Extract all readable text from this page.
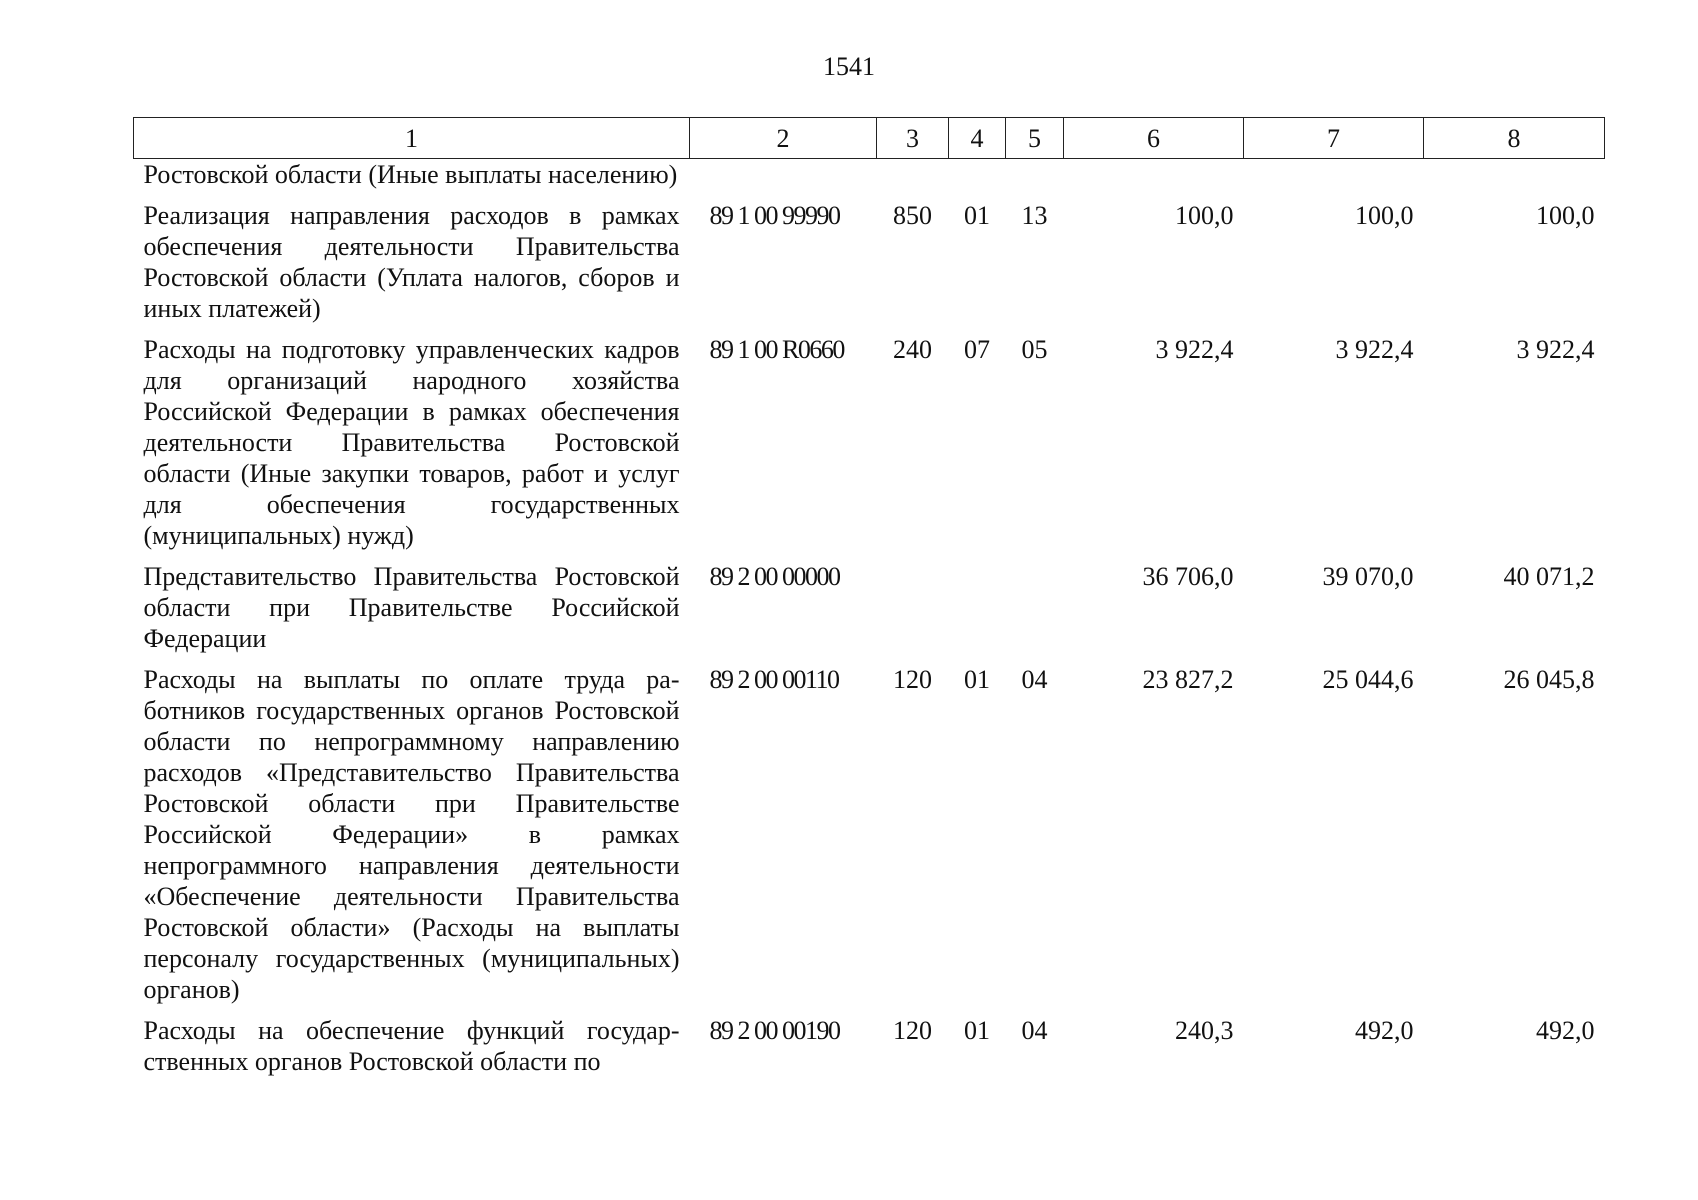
1541
1	2	3	4	5	6	7	8
Ростовской области (Иные выплаты населению)							
Реализация направления расходов в рамках обеспечения деятельности Правительства Ростовской области (Уплата налогов, сборов и иных платежей)	89 1 00 99990	850	01	13	100,0	100,0	100,0
Расходы на подготовку управленческих кадров для организаций народного хозяйства Российской Федерации в рамках обеспечения деятельности Правительства Ростовской области (Иные закупки товаров, работ и услуг для обеспечения государственных (муниципальных) нужд)	89 1 00 R0660	240	07	05	3 922,4	3 922,4	3 922,4
Представительство Правительства Ростовской области при Правительстве Российской Федерации	89 2 00 00000				36 706,0	39 070,0	40 071,2
Расходы на выплаты по оплате труда работников государственных органов Ростовской области по непрограммному направлению расходов «Представительство Правительства Ростовской области при Правительстве Российской Федерации» в рамках непрограммного направления деятельности «Обеспечение деятельности Правительства Ростовской области» (Расходы на выплаты персоналу государственных (муниципальных) органов)	89 2 00 00110	120	01	04	23 827,2	25 044,6	26 045,8
Расходы на обеспечение функций государственных органов Ростовской области по	89 2 00 00190	120	01	04	240,3	492,0	492,0
